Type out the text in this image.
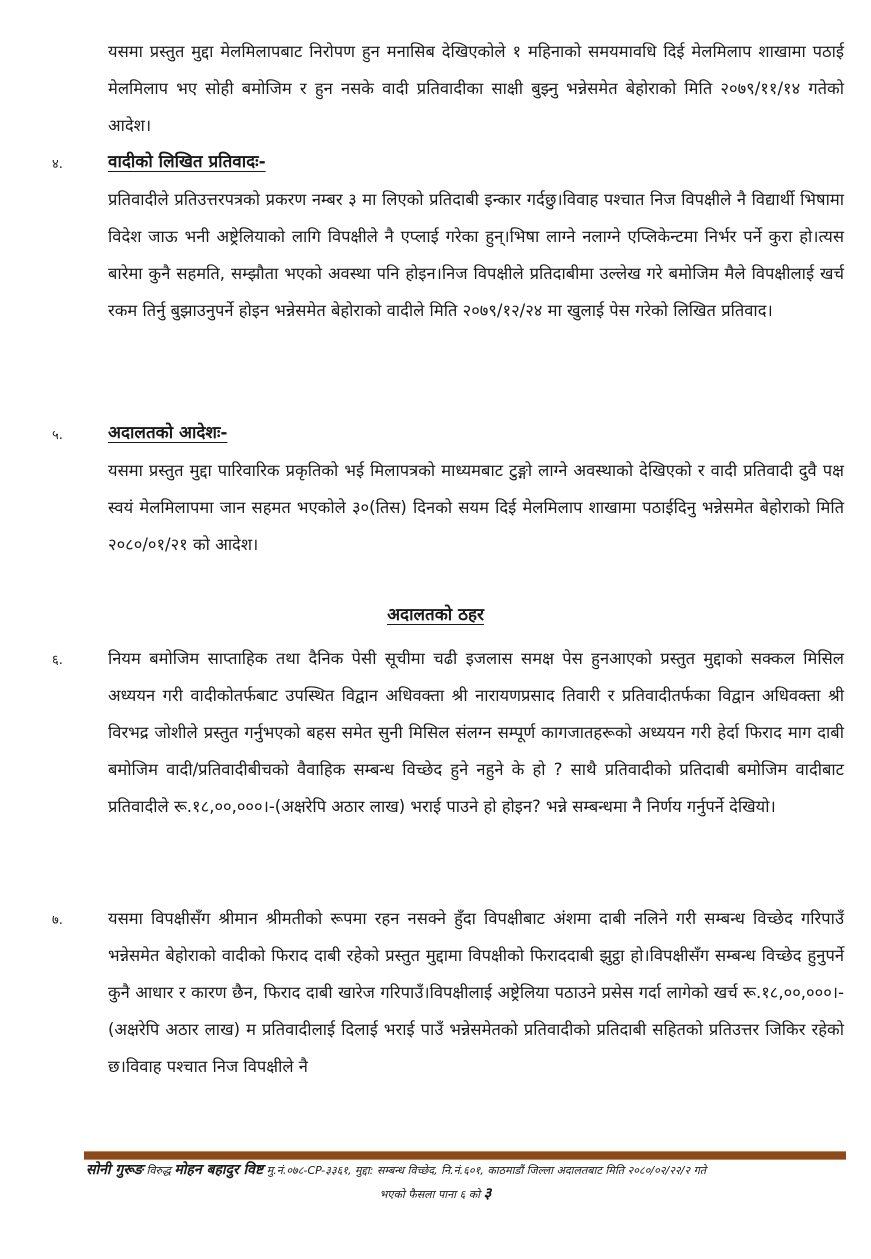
यसमा प्रस्तुत मुद्दा मेलमिलापबाट निरोपण हुन मनासिब देखिएकोले १ महिनाको समयमावधि दिई मेलमिलाप शाखामा पठाई मेलमिलाप भए सोही बमोजिम र हुन नसके वादी प्रतिवादीका साक्षी बुझ्नु भन्नेसमेत बेहोराको मिति २०७९/११/१४ गतेको आदेश।
४.	वादीको लिखित प्रतिवादः-
प्रतिवादीले प्रतिउत्तरपत्रको प्रकरण नम्बर ३ मा लिएको प्रतिदाबी इन्कार गर्दछु।विवाह पश्चात निज विपक्षीले नै विद्यार्थी भिषामा विदेश जाऊ भनी अष्ट्रेलियाको लागि विपक्षीले नै एप्लाई गरेका हुन्।भिषा लाग्ने नलाग्ने एप्लिकेन्टमा निर्भर पर्ने कुरा हो।त्यस बारेमा कुनै सहमति, सम्झौता भएको अवस्था पनि होइन।निज विपक्षीले प्रतिदाबीमा उल्लेख गरे बमोजिम मैले विपक्षीलाई खर्च रकम तिर्नु बुझाउनुपर्ने होइन भन्नेसमेत बेहोराको वादीले मिति २०७९/१२/२४ मा खुलाई पेस गरेको लिखित प्रतिवाद।
५.	अदालतको आदेशः-
यसमा प्रस्तुत मुद्दा पारिवारिक प्रकृतिको भई मिलापत्रको माध्यमबाट टुङ्गो लाग्ने अवस्थाको देखिएको र वादी प्रतिवादी दुवै पक्ष स्वयं मेलमिलापमा जान सहमत भएकोले ३०(तिस) दिनको सयम दिई मेलमिलाप शाखामा पठाईदिनु भन्नेसमेत बेहोराको मिति २०८०/०१/२१ को आदेश।
अदालतको ठहर
६.	नियम बमोजिम साप्ताहिक तथा दैनिक पेसी सूचीमा चढी इजलास समक्ष पेस हुनआएको प्रस्तुत मुद्दाको सक्कल मिसिल अध्ययन गरी वादीकोतर्फबाट उपस्थित विद्वान अधिवक्ता श्री नारायणप्रसाद तिवारी र प्रतिवादीतर्फका विद्वान अधिवक्ता श्री विरभद्र जोशीले प्रस्तुत गर्नुभएको बहस समेत सुनी मिसिल संलग्न सम्पूर्ण कागजातहरूको अध्ययन गरी हेर्दा फिराद माग दाबी बमोजिम वादी/प्रतिवादीबीचको वैवाहिक सम्बन्ध विच्छेद हुने नहुने के हो ? साथै प्रतिवादीको प्रतिदाबी बमोजिम वादीबाट प्रतिवादीले रू.१८,००,०००।-(अक्षरेपि अठार लाख) भराई पाउने हो होइन? भन्ने सम्बन्धमा नै निर्णय गर्नुपर्ने देखियो।
७.	यसमा विपक्षीसँग श्रीमान श्रीमतीको रूपमा रहन नसक्ने हुँदा विपक्षीबाट अंशमा दाबी नलिने गरी सम्बन्ध विच्छेद गरिपाउँ भन्नेसमेत बेहोराको वादीको फिराद दाबी रहेको प्रस्तुत मुद्दामा विपक्षीको फिराददाबी झुट्ठा हो।विपक्षीसँग सम्बन्ध विच्छेद हुनुपर्ने कुनै आधार र कारण छैन, फिराद दाबी खारेज गरिपाउँ।विपक्षीलाई अष्ट्रेलिया पठाउने प्रसेस गर्दा लागेको खर्च रू.१८,००,०००।-(अक्षरेपि अठार लाख) म प्रतिवादीलाई दिलाई भराई पाउँ भन्नेसमेतको प्रतिवादीको प्रतिदाबी सहितको प्रतिउत्तर जिकिर रहेको छ।विवाह पश्चात निज विपक्षीले नै
सोनी गुरूङ विरुद्ध मोहन बहादुर विष्ट मु.नं.०७८-CP-३३६१, मुद्दा: सम्बन्ध विच्छेद, नि.नं.६०१, काठमाडौं जिल्ला अदालतबाट मिति २०८०/०२/२२/२ गते
भएको फैसला पाना ६ को ३
